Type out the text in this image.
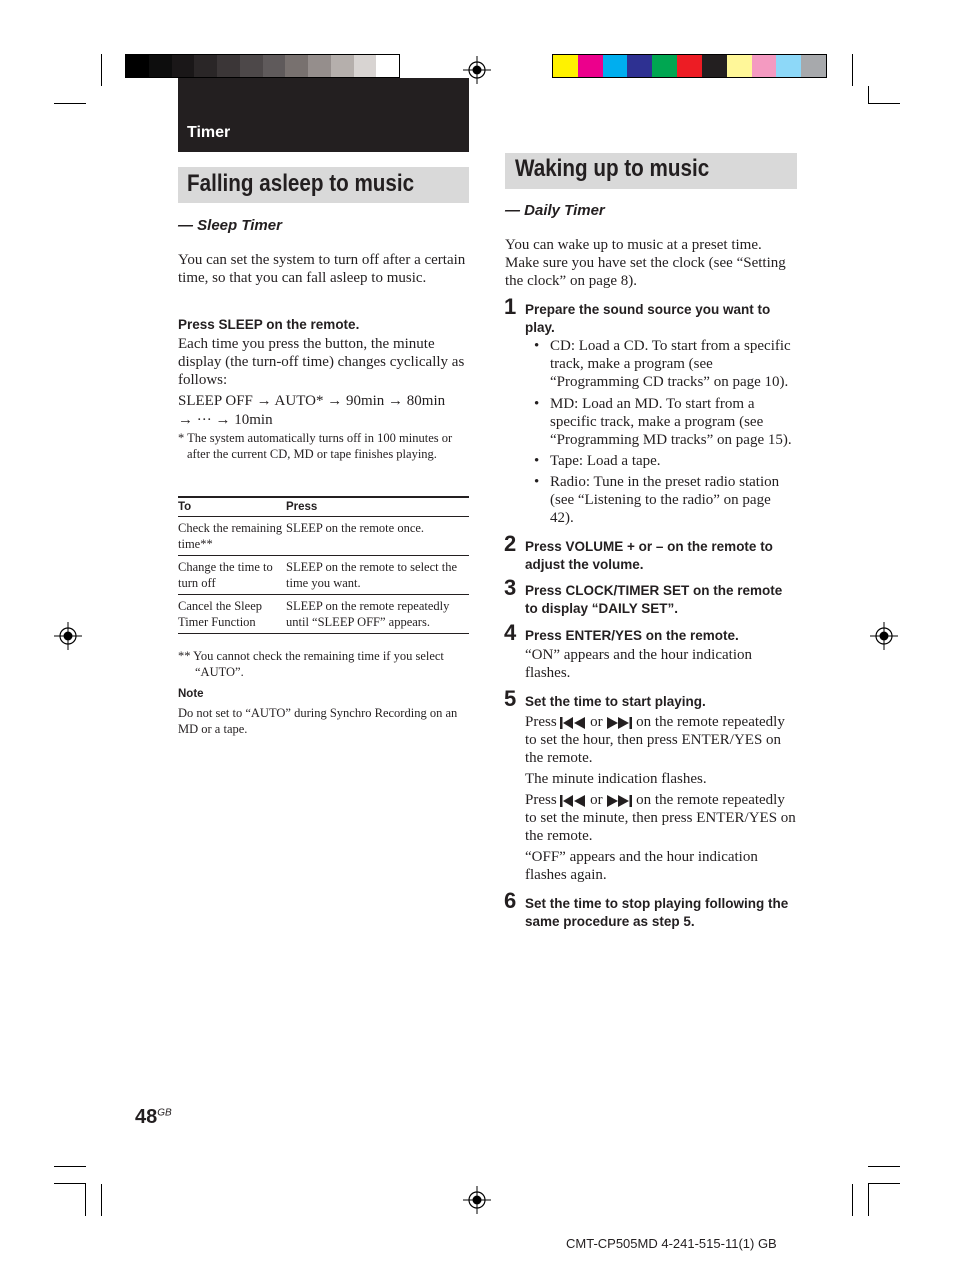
Timer
Falling asleep to music
— Sleep Timer
You can set the system to turn off after a certain time, so that you can fall asleep to music.
Press SLEEP on the remote.
Each time you press the button, the minute display (the turn-off time) changes cyclically as follows:
SLEEP OFF → AUTO* → 90min → 80min
→ ··· → 10min
* The system automatically turns off in 100 minutes or after the current CD, MD or tape finishes playing.
To	Press
Check the remaining time**	SLEEP on the remote once.
Change the time to turn off	SLEEP on the remote to select the time you want.
Cancel the Sleep Timer Function	SLEEP on the remote repeatedly until “SLEEP OFF” appears.
** You cannot check the remaining time if you select “AUTO”.
Note
Do not set to “AUTO” during Synchro Recording on an MD or a tape.
Waking up to music
— Daily Timer
You can wake up to music at a preset time. Make sure you have set the clock (see “Setting the clock” on page 8).
1 Prepare the sound source you want to play.
• CD: Load a CD. To start from a specific track, make a program (see “Programming CD tracks” on page 10).
• MD: Load an MD. To start from a specific track, make a program (see “Programming MD tracks” on page 15).
• Tape: Load a tape.
• Radio: Tune in the preset radio station (see “Listening to the radio” on page 42).
2 Press VOLUME + or – on the remote to adjust the volume.
3 Press CLOCK/TIMER SET on the remote to display “DAILY SET”.
4 Press ENTER/YES on the remote.
“ON” appears and the hour indication flashes.
5 Set the time to start playing.
Press or on the remote repeatedly to set the hour, then press ENTER/YES on the remote.
The minute indication flashes.
Press or on the remote repeatedly to set the minute, then press ENTER/YES on the remote.
“OFF” appears and the hour indication flashes again.
6 Set the time to stop playing following the same procedure as step 5.
$48^{GB}$
CMT-CP505MD 4-241-515-11(1) GB
